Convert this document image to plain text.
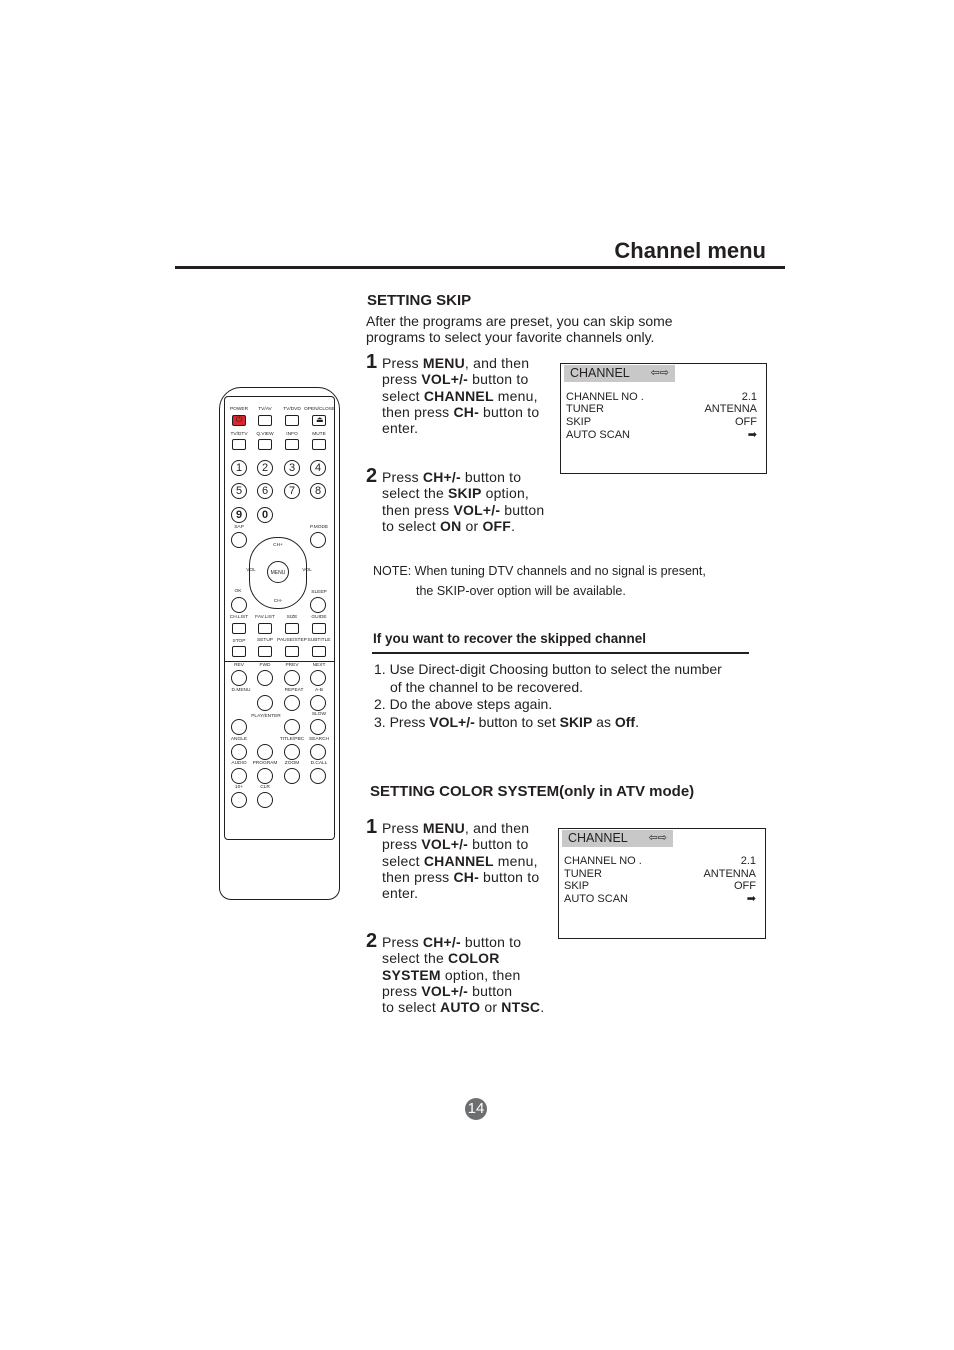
Channel menu
POWER	TV/AV	TV/DVD OPEN/CLOSE
⏻	⏏
TV/DTV	Q.VIEW	INFO	MUTE
1	2	3	4
5	6	7	8
9	0
SAP	P.MODE
CH+
CH-
VOL	VOL
MENU
OK	SLEEP
CH.LIST	FAV.LIST	SIZE	GUIDE
STOP	SETUP PAUSE/STEP SUBTITLE
REV	FWD	PREV	NEXT
D.MENU	REPEAT	A-B
PLAY/ENTER	SLOW
ANGLE	TITLE/PBC	SEARCH
AUDIO	PROGRAM	ZOOM	D.CALL
10+	CLR
SETTING SKIP
After the programs are preset, you can skip some
programs to select your favorite channels only.
1 Press MENU, and then
press VOL+/- button to
select CHANNEL menu,
then press CH- button to
enter.
CHANNEL ⇦⇨
CHANNEL NO .	2.1
TUNER	ANTENNA
SKIP	OFF
AUTO SCAN	➡
2 Press CH+/- button to
select the SKIP option,
then press VOL+/- button
to select ON or OFF.
NOTE: When tuning DTV channels and no signal is present,
the SKIP-over option will be available.
If you want to recover the skipped channel
1. Use Direct-digit Choosing button to select the number
of the channel to be recovered.
2. Do the above steps again.
3. Press VOL+/- button to set SKIP as Off.
SETTING COLOR SYSTEM(only in ATV mode)
1 Press MENU, and then
press VOL+/- button to
select CHANNEL menu,
then press CH- button to
enter.
CHANNEL ⇦⇨
CHANNEL NO .	2.1
TUNER	ANTENNA
SKIP	OFF
AUTO SCAN	➡
2 Press CH+/- button to
select the COLOR
SYSTEM option, then
press VOL+/- button
to select AUTO or NTSC.
14
